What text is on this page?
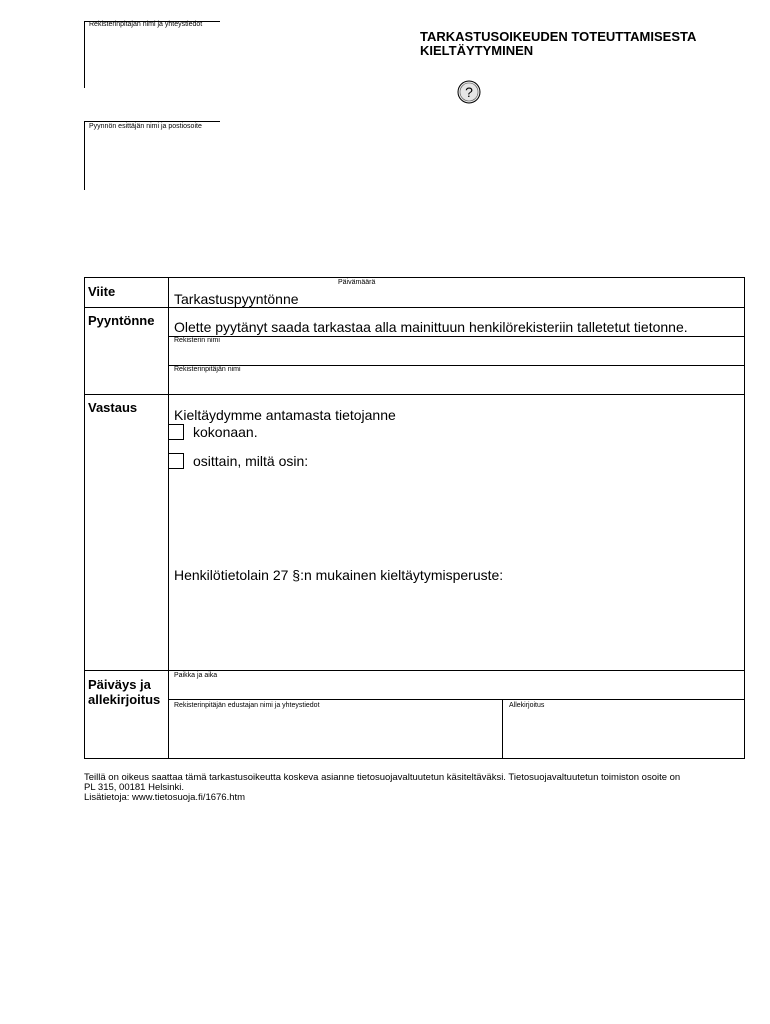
Rekisterinpitäjän nimi ja yhteystiedot
Pyynnön esittäjän nimi ja postiosoite
TARKASTUSOIKEUDEN TOTEUTTAMISESTA
KIELTÄYTYMINEN
?
Viite
Päivämäärä
Tarkastuspyyntönne
Pyyntönne Olette pyytänyt saada tarkastaa alla mainittuun henkilörekisteriin talletetut tietonne.
Rekisterin nimi
Rekisterinpitäjän nimi
Vastaus	Kieltäydymme antamasta tietojanne
kokonaan.
osittain, miltä osin:
Henkilötietolain 27 §:n mukainen kieltäytymisperuste:
Päiväys ja
allekirjoitus
Paikka ja aika
Rekisterinpitäjän edustajan nimi ja yhteystiedot	Allekirjoitus
Teillä on oikeus saattaa tämä tarkastusoikeutta koskeva asianne tietosuojavaltuutetun käsiteltäväksi. Tietosuojavaltuutetun toimiston osoite on
PL 315, 00181 Helsinki.
Lisätietoja: www.tietosuoja.fi/1676.htm
